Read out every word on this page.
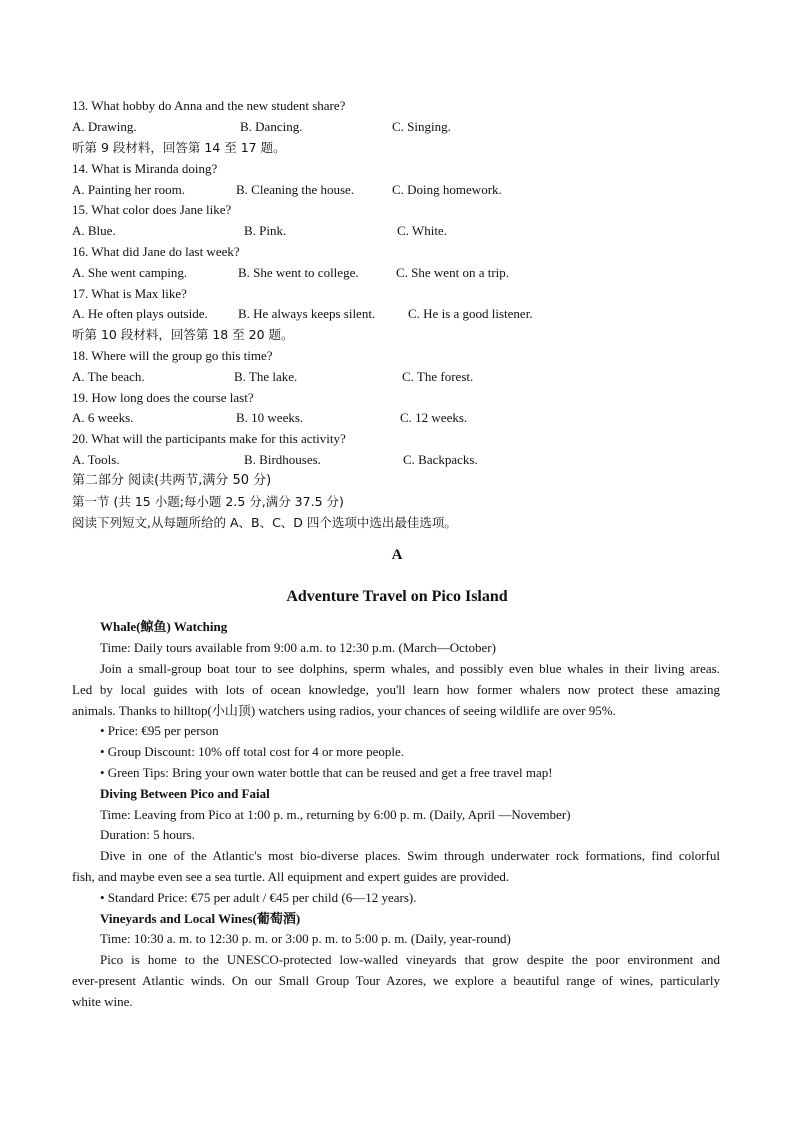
13. What hobby do Anna and the new student share?
A. Drawing.	B. Dancing.	C. Singing.
听第 9 段材料，回答第 14 至 17 题。
14. What is Miranda doing?
A. Painting her room.	B. Cleaning the house.	C. Doing homework.
15. What color does Jane like?
A. Blue.	B. Pink.	C. White.
16. What did Jane do last week?
A. She went camping.	B. She went to college.	C. She went on a trip.
17. What is Max like?
A. He often plays outside. B. He always keeps silent.	C. He is a good listener.
听第 10 段材料，回答第 18 至 20 题。
18. Where will the group go this time?
A. The beach.	B. The lake.	C. The forest.
19. How long does the course last?
A. 6 weeks.	B. 10 weeks.	C. 12 weeks.
20. What will the participants make for this activity?
A. Tools.	B. Birdhouses.	C. Backpacks.
第二部分 阅读(共两节,满分 50 分)
第一节 (共 15 小题;每小题 2.5 分,满分 37.5 分)
阅读下列短文,从每题所给的 A、B、C、D 四个选项中选出最佳选项。
A
Adventure Travel on Pico Island
Whale(鲸鱼) Watching
Time: Daily tours available from 9:00 a.m. to 12:30 p.m. (March—October)
Join a small-group boat tour to see dolphins, sperm whales, and possibly even blue whales in their living areas.
Led by local guides with lots of ocean knowledge, you'll learn how former whalers now protect these amazing
animals. Thanks to hilltop(小山顶) watchers using radios, your chances of seeing wildlife are over 95%.
• Price: €95 per person
• Group Discount: 10% off total cost for 4 or more people.
• Green Tips: Bring your own water bottle that can be reused and get a free travel map!
Diving Between Pico and Faial
Time: Leaving from Pico at 1:00 p. m., returning by 6:00 p. m. (Daily, April —November)
Duration: 5 hours.
Dive in one of the Atlantic's most bio-diverse places. Swim through underwater rock formations, find colorful
fish, and maybe even see a sea turtle. All equipment and expert guides are provided.
• Standard Price: €75 per adult / €45 per child (6—12 years).
Vineyards and Local Wines(葡萄酒)
Time: 10:30 a. m. to 12:30 p. m. or 3:00 p. m. to 5:00 p. m. (Daily, year-round)
Pico is home to the UNESCO-protected low-walled vineyards that grow despite the poor environment and
ever-present Atlantic winds. On our Small Group Tour Azores, we explore a beautiful range of wines, particularly
white wine.
